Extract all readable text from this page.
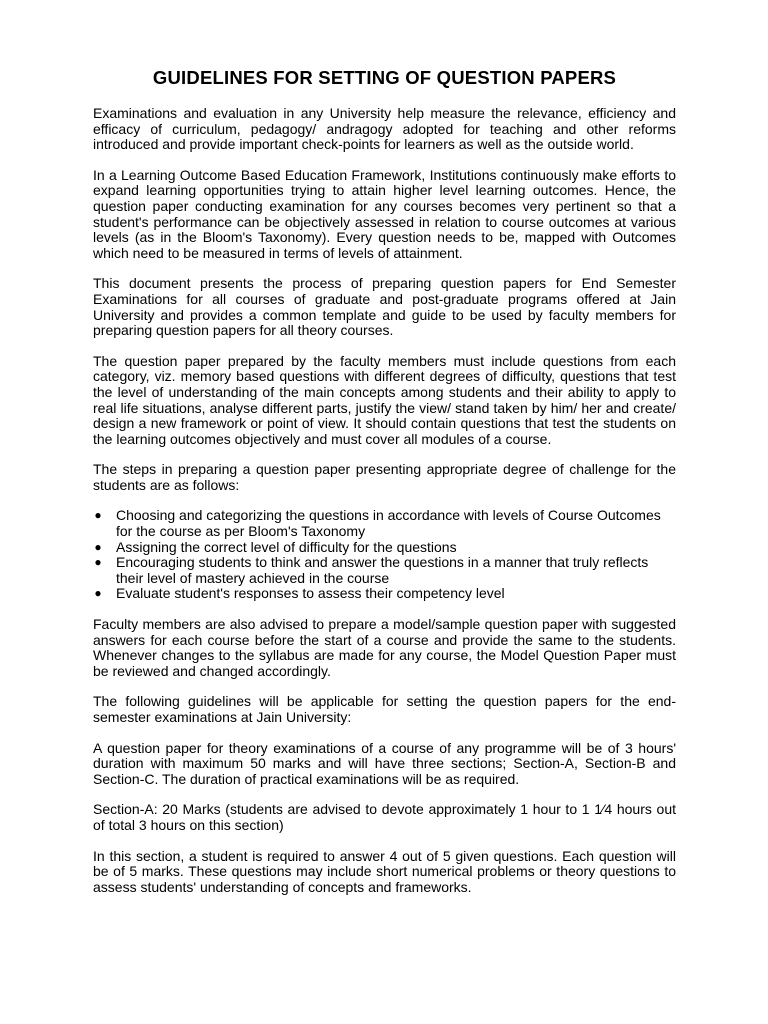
GUIDELINES FOR SETTING OF QUESTION PAPERS

Examinations and evaluation in any University help measure the relevance, efficiency and efficacy of curriculum, pedagogy/ andragogy adopted for teaching and other reforms introduced and provide important check-points for learners as well as the outside world.

In a Learning Outcome Based Education Framework, Institutions continuously make efforts to expand learning opportunities trying to attain higher level learning outcomes. Hence, the question paper conducting examination for any courses becomes very pertinent so that a student's performance can be objectively assessed in relation to course outcomes at various levels (as in the Bloom's Taxonomy). Every question needs to be, mapped with Outcomes which need to be measured in terms of levels of attainment.

This document presents the process of preparing question papers for End Semester Examinations for all courses of graduate and post-graduate programs offered at Jain University and provides a common template and guide to be used by faculty members for preparing question papers for all theory courses.

The question paper prepared by the faculty members must include questions from each category, viz. memory based questions with different degrees of difficulty, questions that test the level of understanding of the main concepts among students and their ability to apply to real life situations, analyse different parts, justify the view/ stand taken by him/ her and create/ design a new framework or point of view. It should contain questions that test the students on the learning outcomes objectively and must cover all modules of a course.

The steps in preparing a question paper presenting appropriate degree of challenge for the students are as follows:

● Choosing and categorizing the questions in accordance with levels of Course Outcomes for the course as per Bloom's Taxonomy
● Assigning the correct level of difficulty for the questions
● Encouraging students to think and answer the questions in a manner that truly reflects their level of mastery achieved in the course
● Evaluate student's responses to assess their competency level

Faculty members are also advised to prepare a model/sample question paper with suggested answers for each course before the start of a course and provide the same to the students. Whenever changes to the syllabus are made for any course, the Model Question Paper must be reviewed and changed accordingly.

The following guidelines will be applicable for setting the question papers for the end-semester examinations at Jain University:

A question paper for theory examinations of a course of any programme will be of 3 hours' duration with maximum 50 marks and will have three sections; Section-A, Section-B and Section-C. The duration of practical examinations will be as required.

Section-A: 20 Marks (students are advised to devote approximately 1 hour to 1 1⁄4 hours out of total 3 hours on this section)

In this section, a student is required to answer 4 out of 5 given questions. Each question will be of 5 marks. These questions may include short numerical problems or theory questions to assess students' understanding of concepts and frameworks.
